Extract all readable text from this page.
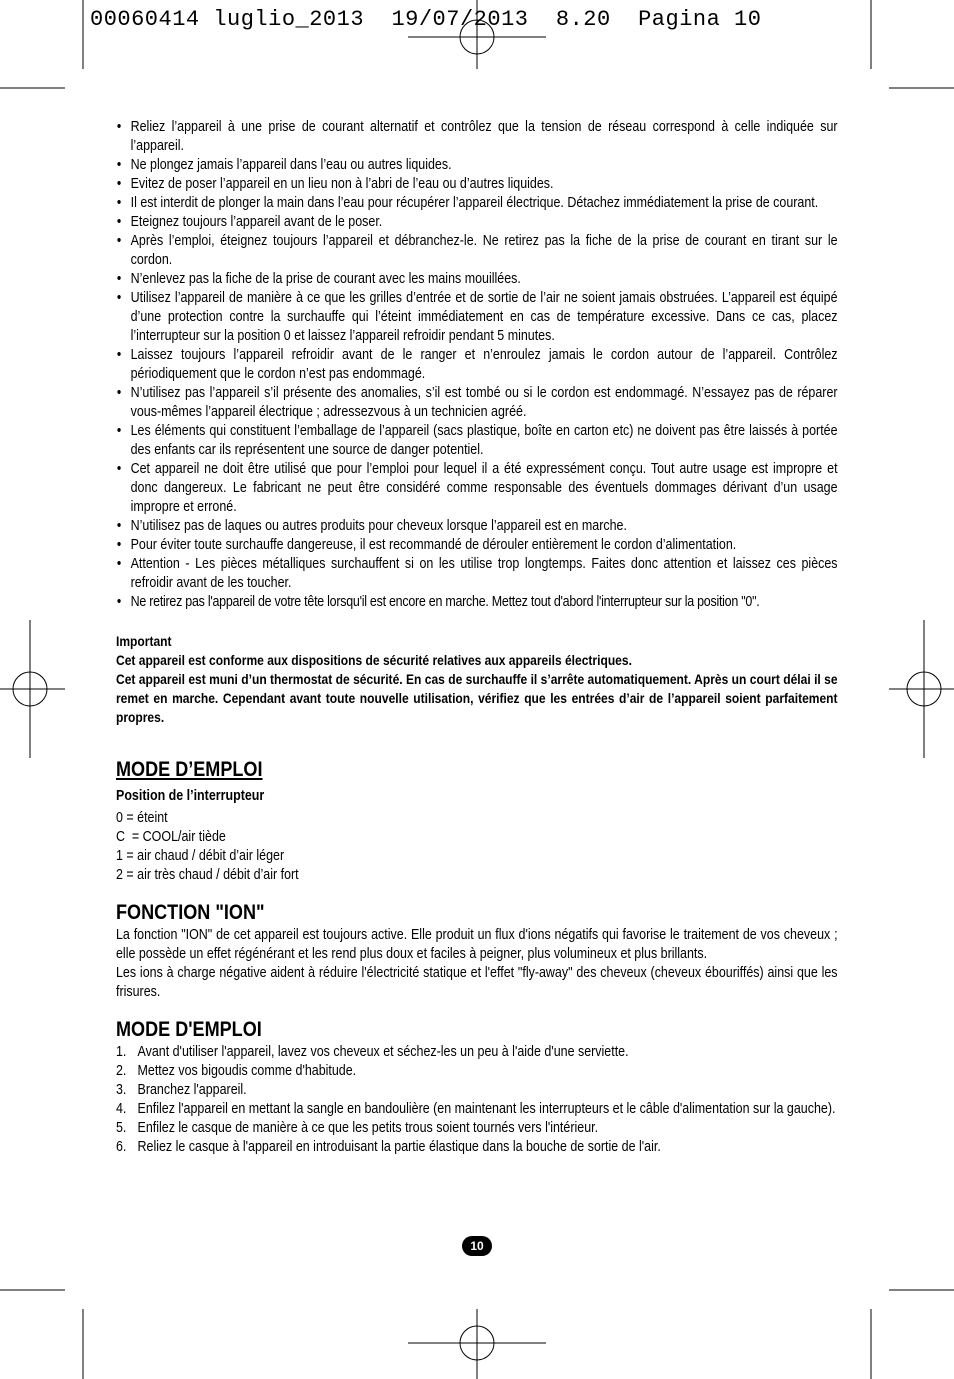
00060414 luglio_2013  19/07/2013  8.20  Pagina 10
• Reliez l’appareil à une prise de courant alternatif et contrôlez que la tension de réseau correspond à celle indiquée sur l’appareil.
• Ne plongez jamais l’appareil dans l’eau ou autres liquides.
• Evitez de poser l’appareil en un lieu non à l’abri de l’eau ou d’autres liquides.
• Il est interdit de plonger la main dans l’eau pour récupérer l’appareil électrique. Détachez immédiatement la prise de courant.
• Eteignez toujours l’appareil avant de le poser.
• Après l’emploi, éteignez toujours l’appareil et débranchez-le. Ne retirez pas la fiche de la prise de courant en tirant sur le cordon.
• N’enlevez pas la fiche de la prise de courant avec les mains mouillées.
• Utilisez l’appareil de manière à ce que les grilles d’entrée et de sortie de l’air ne soient jamais obstruées. L’appareil est équipé d’une protection contre la surchauffe qui l’éteint immédiatement en cas de température excessive. Dans ce cas, placez l’interrupteur sur la position 0 et laissez l’appareil refroidir pendant 5 minutes.
• Laissez toujours l’appareil refroidir avant de le ranger et n’enroulez jamais le cordon autour de l’appareil. Contrôlez périodiquement que le cordon n’est pas endommagé.
• N’utilisez pas l’appareil s’il présente des anomalies, s’il est tombé ou si le cordon est endommagé. N’essayez pas de réparer vous-mêmes l’appareil électrique ; adressezvous à un technicien agréé.
• Les éléments qui constituent l’emballage de l’appareil (sacs plastique, boîte en carton etc) ne doivent pas être laissés à portée des enfants car ils représentent une source de danger potentiel.
• Cet appareil ne doit être utilisé que pour l’emploi pour lequel il a été expressément conçu. Tout autre usage est impropre et donc dangereux. Le fabricant ne peut être considéré comme responsable des éventuels dommages dérivant d’un usage impropre et erroné.
• N’utilisez pas de laques ou autres produits pour cheveux lorsque l’appareil est en marche.
• Pour éviter toute surchauffe dangereuse, il est recommandé de dérouler entièrement le cordon d’alimentation.
• Attention - Les pièces métalliques surchauffent si on les utilise trop longtemps. Faites donc attention et laissez ces pièces refroidir avant de les toucher.
• Ne retirez pas l'appareil de votre tête lorsqu'il est encore en marche. Mettez tout d'abord l'interrupteur sur la position "0".

Important

Cet appareil est conforme aux dispositions de sécurité relatives aux appareils électriques.

Cet appareil est muni d’un thermostat de sécurité. En cas de surchauffe il s’arrête automatiquement. Après un court délai il se remet en marche. Cependant avant toute nouvelle utilisation, vérifiez que les entrées d’air de l’appareil soient parfaitement propres.

MODE D’EMPLOI

Position de l’interrupteur

0 = éteint

C  = COOL/air tiède

1 = air chaud / débit d’air léger

2 = air très chaud / débit d’air fort

FONCTION "ION"

La fonction "ION" de cet appareil est toujours active. Elle produit un flux d'ions négatifs qui favorise le traitement de vos cheveux ; elle possède un effet régénérant et les rend plus doux et faciles à peigner, plus volumineux et plus brillants.

Les ions à charge négative aident à réduire l'électricité statique et l'effet "fly-away" des cheveux (cheveux ébouriffés) ainsi que les frisures.

MODE D'EMPLOI
1. Avant d'utiliser l'appareil, lavez vos cheveux et séchez-les un peu à l'aide d'une serviette.
2. Mettez vos bigoudis comme d'habitude.
3. Branchez l'appareil.
4. Enfilez l'appareil en mettant la sangle en bandoulière (en maintenant les interrupteurs et le câble d'alimentation sur la gauche).
5. Enfilez le casque de manière à ce que les petits trous soient tournés vers l'intérieur.
6. Reliez le casque à l'appareil en introduisant la partie élastique dans la bouche de sortie de l'air.
10
